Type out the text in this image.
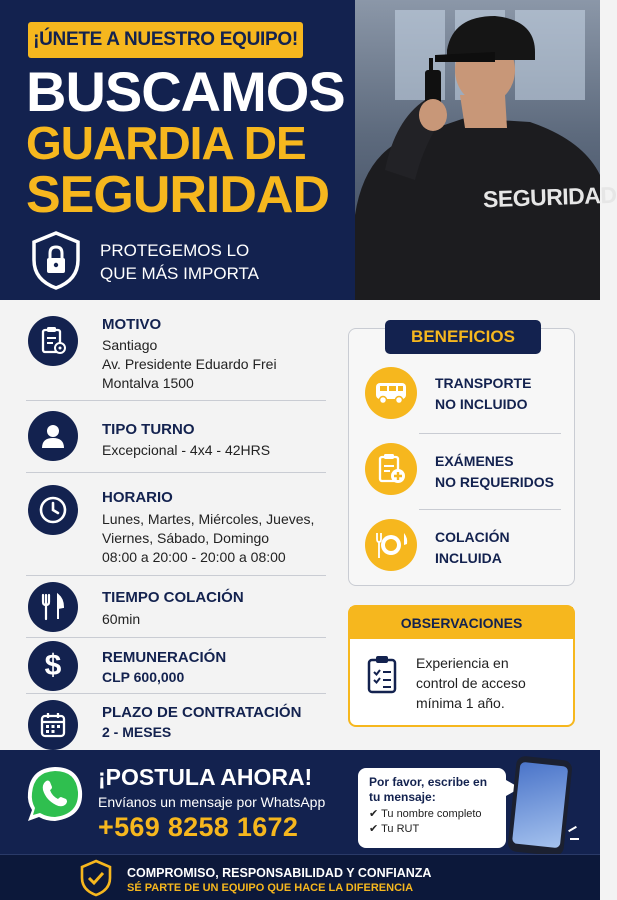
SEGURIDAD
¡ÚNETE A NUESTRO EQUIPO!
BUSCAMOS
GUARDIA DE
SEGURIDAD
PROTEGEMOS LO
QUE MÁS IMPORTA
MOTIVO
Santiago
Av. Presidente Eduardo Frei
Montalva 1500
TIPO TURNO
Excepcional - 4x4 - 42HRS
HORARIO
Lunes, Martes, Miércoles, Jueves,
Viernes, Sábado, Domingo
08:00 a 20:00 - 20:00 a 08:00
TIEMPO COLACIÓN
60min
$	REMUNERACIÓN
CLP 600,000
PLAZO DE CONTRATACIÓN
2 - MESES
BENEFICIOS
TRANSPORTE
NO INCLUIDO
EXÁMENES
NO REQUERIDOS
COLACIÓN
INCLUIDA
OBSERVACIONES
Experiencia en
control de acceso
mínima 1 año.
¡POSTULA AHORA!
Envíanos un mensaje por WhatsApp
+569 8258 1672
Por favor, escribe en
tu mensaje:
✔ Tu nombre completo
✔ Tu RUT
COMPROMISO, RESPONSABILIDAD Y CONFIANZA
SÉ PARTE DE UN EQUIPO QUE HACE LA DIFERENCIA
